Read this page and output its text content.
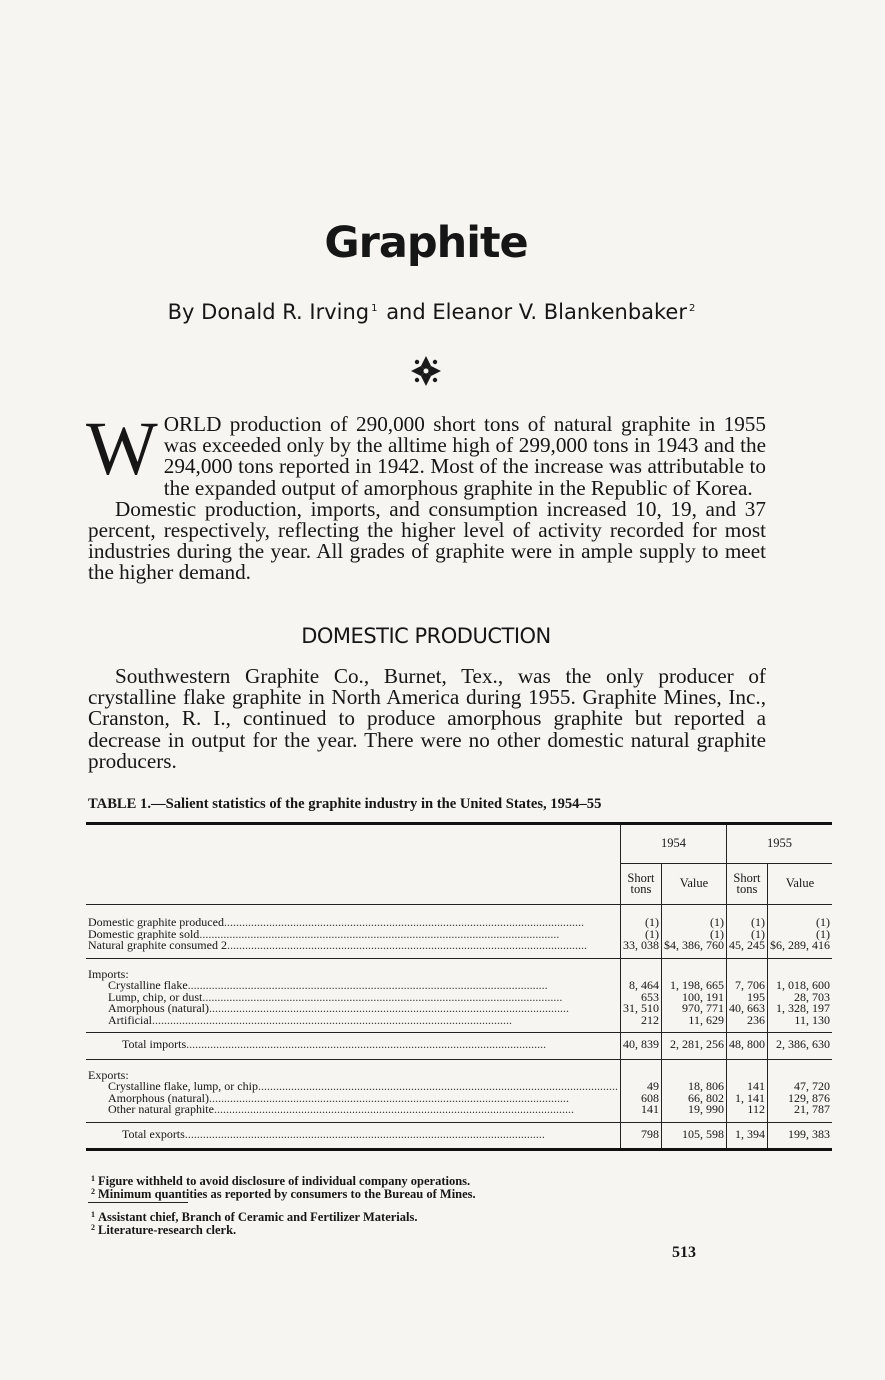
Graphite
By Donald R. Irving $^1$ and Eleanor V. Blankenbaker $^2$

WORLD production of 290,000 short tons of natural graphite in 1955 was exceeded only by the alltime high of 299,000 tons in 1943 and the 294,000 tons reported in 1942. Most of the increase was attributable to the expanded output of amorphous graphite in the Republic of Korea.

Domestic production, imports, and consumption increased 10, 19, and 37 percent, respectively, reflecting the higher level of activity recorded for most industries during the year. All grades of graphite were in ample supply to meet the higher demand.

DOMESTIC PRODUCTION

Southwestern Graphite Co., Burnet, Tex., was the only producer of crystalline flake graphite in North America during 1955. Graphite Mines, Inc., Cranston, R. I., continued to produce amorphous graphite but reported a decrease in output for the year. There were no other domestic natural graphite producers.

TABLE 1.—Salient statistics of the graphite industry in the United States, 1954–55
	1954		1955	
	Short tons	Value	Short tons	Value
Domestic graphite produced........................................................................................................................	(1)	(1)	(1)	(1)
Domestic graphite sold........................................................................................................................	(1)	(1)	(1)	(1)
Natural graphite consumed 2........................................................................................................................	33, 038	$4, 386, 760	45, 245	$6, 289, 416
Imports:				
Crystalline flake........................................................................................................................	8, 464	1, 198, 665	7, 706	1, 018, 600
Lump, chip, or dust........................................................................................................................	653	100, 191	195	28, 703
Amorphous (natural)........................................................................................................................	31, 510	970, 771	40, 663	1, 328, 197
Artificial........................................................................................................................	212	11, 629	236	11, 130
Total imports........................................................................................................................	40, 839	2, 281, 256	48, 800	2, 386, 630
Exports:				
Crystalline flake, lump, or chip........................................................................................................................	49	18, 806	141	47, 720
Amorphous (natural)........................................................................................................................	608	66, 802	1, 141	129, 876
Other natural graphite........................................................................................................................	141	19, 990	112	21, 787
Total exports........................................................................................................................	798	105, 598	1, 394	199, 383
$^1$ Figure withheld to avoid disclosure of individual company operations.
$^2$ Minimum quantities as reported by consumers to the Bureau of Mines.
$^1$ Assistant chief, Branch of Ceramic and Fertilizer Materials.
$^2$ Literature-research clerk.
513
